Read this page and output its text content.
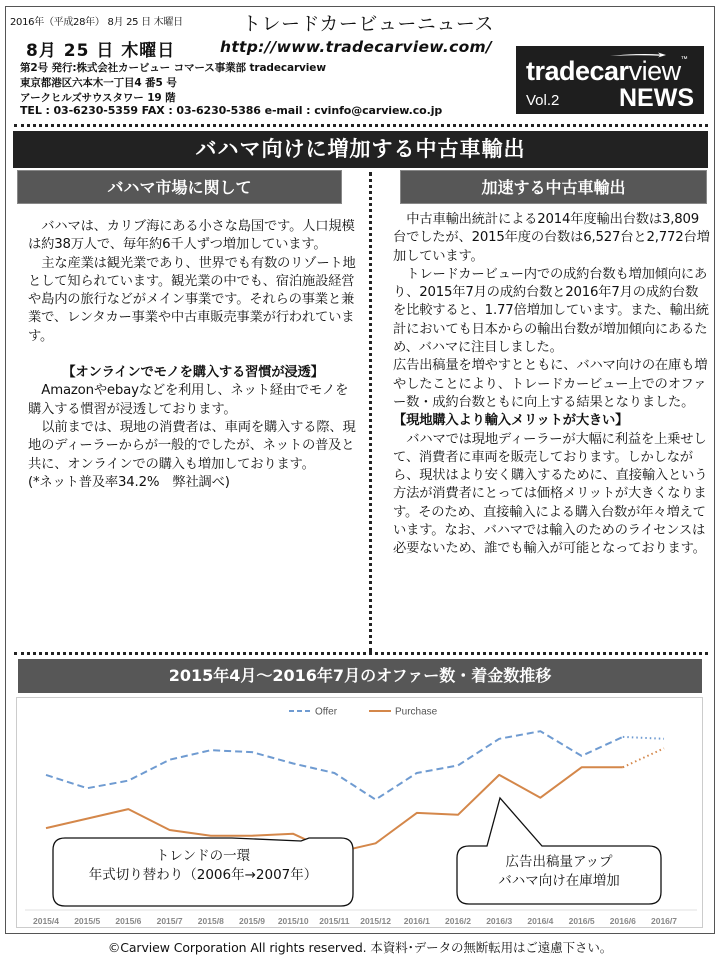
2016年（平成28年） 8月 25 日 木曜日	トレードカービューニュース
8月 25 日 木曜日	http://www.tradecarview.com/
第2号 発行:株式会社カービュー コマース事業部 tradecarview
東京都港区六本木一丁目4 番5 号
アークヒルズサウスタワー 19 階
TEL : 03-6230-5359 FAX : 03-6230-5386 e-mail : cvinfo@carview.co.jp
tradecarview™
Vol.2 NEWS
バハマ向けに増加する中古車輸出
バハマ市場に関して	加速する中古車輸出
バハマは、カリブ海にある小さな島国です。人口規模は約38万人で、毎年約6千人ずつ増加しています。
主な産業は観光業であり、世界でも有数のリゾート地として知られています。観光業の中でも、宿泊施設経営や島内の旅行などがメイン事業です。それらの事業と兼業で、レンタカー事業や中古車販売事業が行われています。
【オンラインでモノを購入する習慣が浸透】
Amazonやebayなどを利用し、ネット経由でモノを購入する慣習が浸透しております。
以前までは、現地の消費者は、車両を購入する際、現地のディーラーからが一般的でしたが、ネットの普及と共に、オンラインでの購入も増加しております。
(*ネット普及率34.2%　弊社調べ)
中古車輸出統計による2014年度輸出台数は3,809台でしたが、2015年度の台数は6,527台と2,772台増加しています。
トレードカービュー内での成約台数も増加傾向にあり、2015年7月の成約台数と2016年7月の成約台数を比較すると、1.77倍増加しています。また、輸出統計においても日本からの輸出台数が増加傾向にあるため、バハマに注目しました。
広告出稿量を増やすとともに、バハマ向けの在庫も増やしたことにより、トレードカービュー上でのオファー数・成約台数ともに向上する結果となりました。
【現地購入より輸入メリットが大きい】
バハマでは現地ディーラーが大幅に利益を上乗せして、消費者に車両を販売しております。しかしながら、現状はより安く購入するために、直接輸入という方法が消費者にとっては価格メリットが大きくなります。そのため、直接輸入による購入台数が年々増えています。なお、バハマでは輸入のためのライセンスは必要ないため、誰でも輸入が可能となっております。
2015年4月～2016年7月のオファー数・着金数推移
Offer	Purchase
トレンドの一環
年式切り替わり（2006年→2007年）
広告出稿量アップ
バハマ向け在庫増加
2015/4 2015/5 2015/6 2015/7 2015/8 2015/9 2015/10 2015/11 2015/12 2016/1 2016/2 2016/3 2016/4 2016/5 2016/6 2016/7
©Carview Corporation All rights reserved. 本資料･データの無断転用はご遠慮下さい。
